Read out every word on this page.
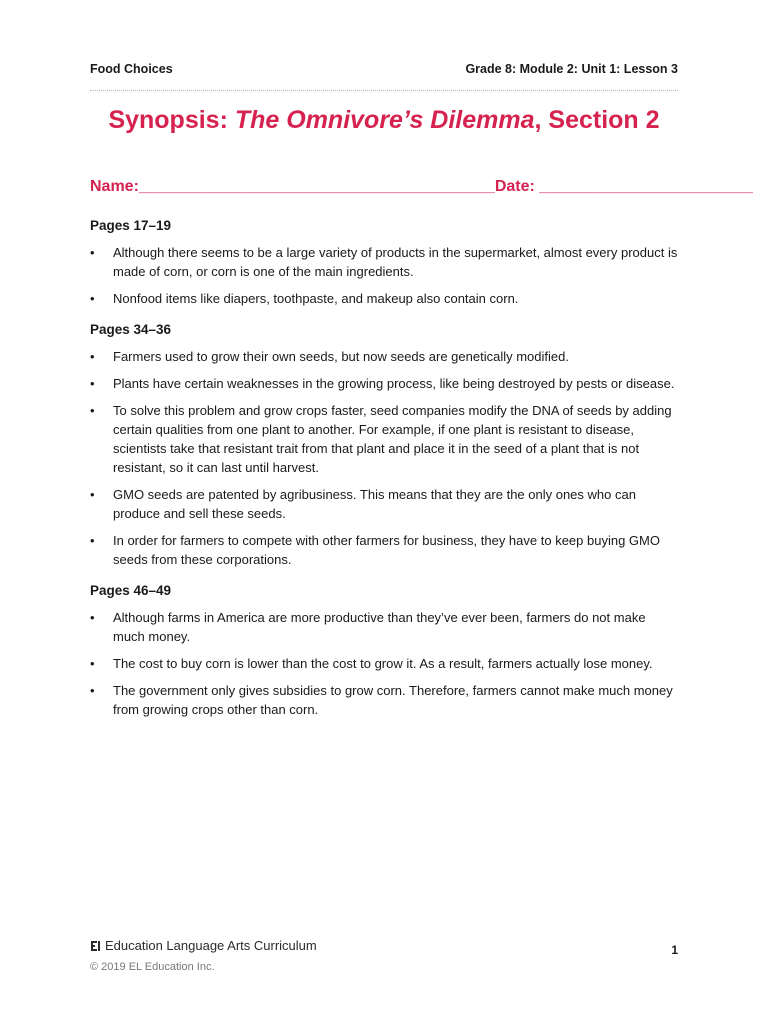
Food Choices	Grade 8: Module 2: Unit 1: Lesson 3
Synopsis: The Omnivore’s Dilemma, Section 2
Name:________________________________________Date: ________________________
Pages 17–19
• Although there seems to be a large variety of products in the supermarket, almost every product is made of corn, or corn is one of the main ingredients.
• Nonfood items like diapers, toothpaste, and makeup also contain corn.
Pages 34–36
• Farmers used to grow their own seeds, but now seeds are genetically modified.
• Plants have certain weaknesses in the growing process, like being destroyed by pests or disease.
• To solve this problem and grow crops faster, seed companies modify the DNA of seeds by adding certain qualities from one plant to another. For example, if one plant is resistant to disease, scientists take that resistant trait from that plant and place it in the seed of a plant that is not resistant, so it can last until harvest.
• GMO seeds are patented by agribusiness. This means that they are the only ones who can produce and sell these seeds.
• In order for farmers to compete with other farmers for business, they have to keep buying GMO seeds from these corporations.
Pages 46–49
• Although farms in America are more productive than they’ve ever been, farmers do not make much money.
• The cost to buy corn is lower than the cost to grow it. As a result, farmers actually lose money.
• The government only gives subsidies to grow corn. Therefore, farmers cannot make much money from growing crops other than corn.
Education Language Arts Curriculum
© 2019 EL Education Inc.
1
